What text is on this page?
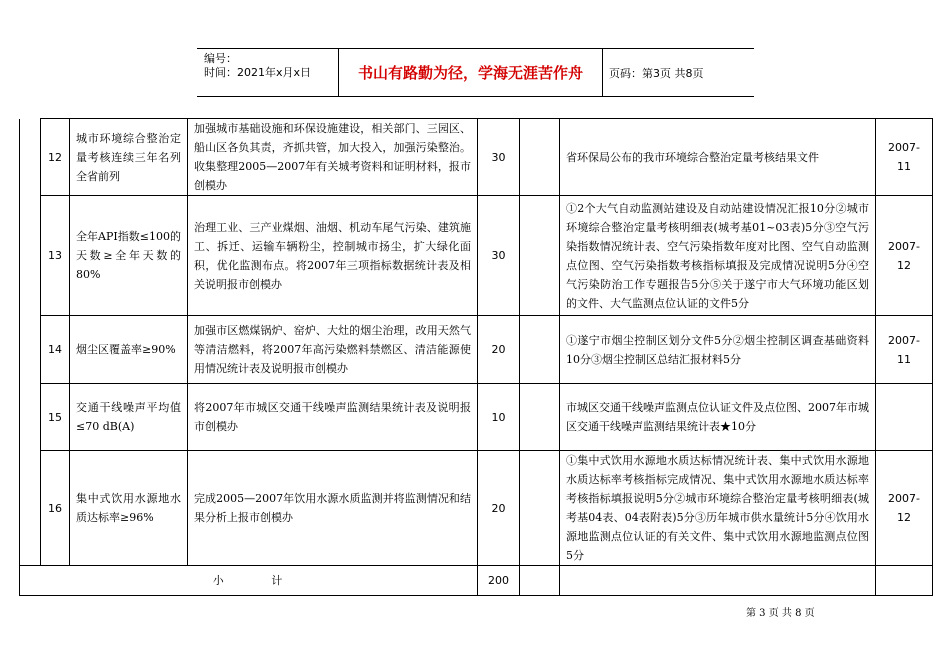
编号：
时间：2021年x月x日	书山有路勤为径，学海无涯苦作舟	页码：第3页 共8页
	12	城市环境综合整治定量考核连续三年名列全省前列	加强城市基础设施和环保设施建设，相关部门、三园区、船山区各负其责，齐抓共管，加大投入，加强污染整治。收集整理2005—2007年有关城考资料和证明材料，报市创模办	30		省环保局公布的我市环境综合整治定量考核结果文件	2007-11
	13	全年API指数≤100的天数≥全年天数的80%	治理工业、三产业煤烟、油烟、机动车尾气污染、建筑施工、拆迁、运输车辆粉尘，控制城市扬尘，扩大绿化面积，优化监测布点。将2007年三项指标数据统计表及相关说明报市创模办	30		①2个大气自动监测站建设及自动站建设情况汇报10分②城市环境综合整治定量考核明细表(城考基01~03表)5分③空气污染指数情况统计表、空气污染指数年度对比图、空气自动监测点位图、空气污染指数考核指标填报及完成情况说明5分④空气污染防治工作专题报告5分⑤关于遂宁市大气环境功能区划的文件、大气监测点位认证的文件5分	2007-12
	14	烟尘区覆盖率≥90%	加强市区燃煤锅炉、窑炉、大灶的烟尘治理，改用天然气等清洁燃料，将2007年高污染燃料禁燃区、清洁能源使用情况统计表及说明报市创模办	20		①遂宁市烟尘控制区划分文件5分②烟尘控制区调查基础资料10分③烟尘控制区总结汇报材料5分	2007-11
	15	交通干线噪声平均值≤70 dB(A)	将2007年市城区交通干线噪声监测结果统计表及说明报市创模办	10		市城区交通干线噪声监测点位认证文件及点位图、2007年市城区交通干线噪声监测结果统计表★10分	
	16	集中式饮用水源地水质达标率≥96%	完成2005—2007年饮用水源水质监测并将监测情况和结果分析上报市创模办	20		①集中式饮用水源地水质达标情况统计表、集中式饮用水源地水质达标率考核指标完成情况、集中式饮用水源地水质达标率考核指标填报说明5分②城市环境综合整治定量考核明细表(城考基04表、04表附表)5分③历年城市供水量统计5分④饮用水源地监测点位认证的有关文件、集中式饮用水源地监测点位图5分	2007-12
小 计				200			
第 3 页 共 8 页
